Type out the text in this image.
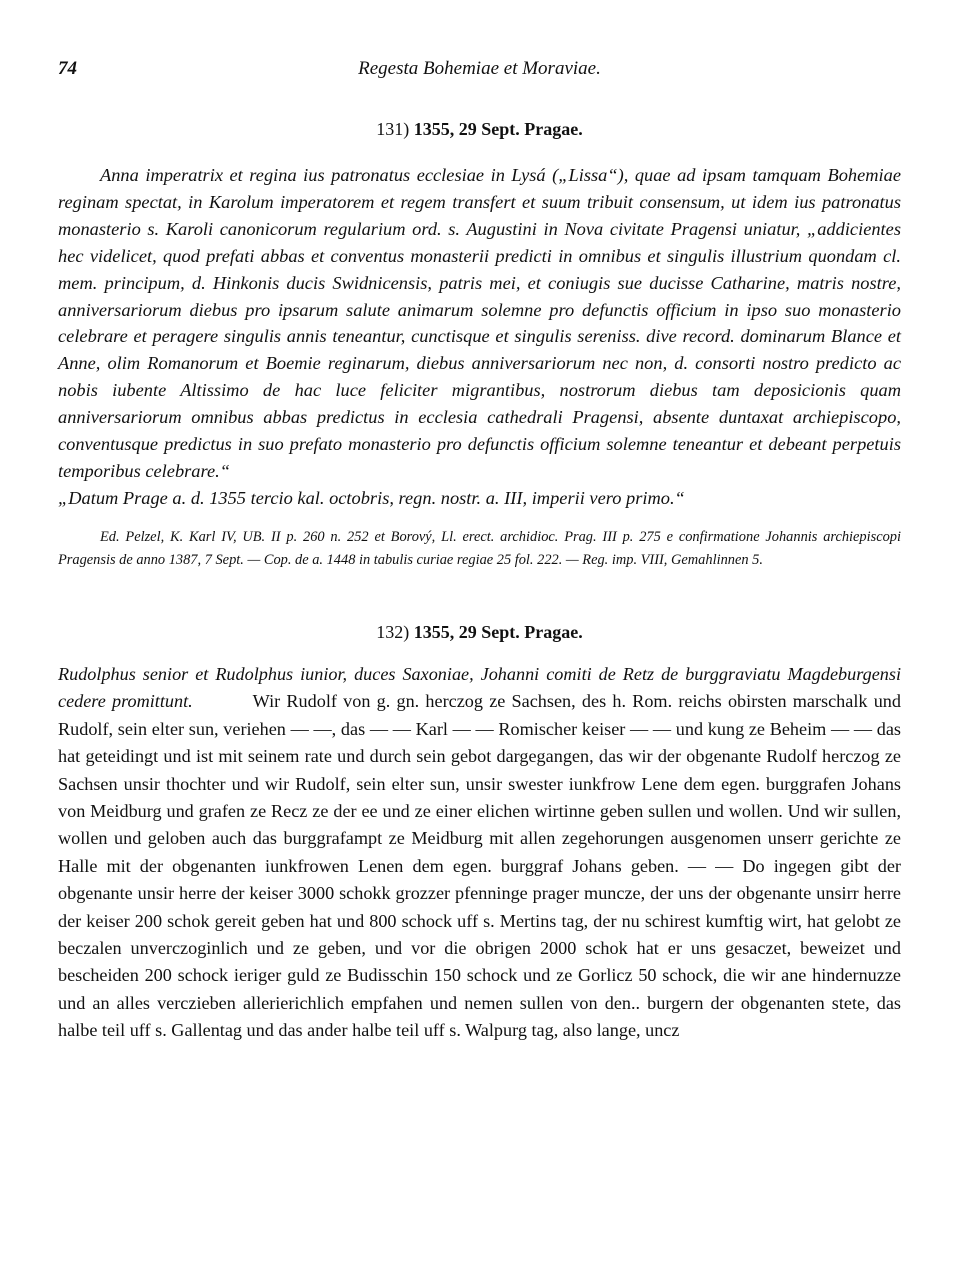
74	Regesta Bohemiae et Moraviae.
131) 1355, 29 Sept. Pragae.
Anna imperatrix et regina ius patronatus ecclesiae in Lysá („Lissa“), quae ad ipsam tamquam Bohemiae reginam spectat, in Karolum imperatorem et regem transfert et suum tribuit consensum, ut idem ius patronatus monasterio s. Karoli canonicorum regularium ord. s. Augustini in Nova civitate Pragensi uniatur, „addicientes hec videlicet, quod prefati abbas et conventus monasterii predicti in omnibus et singulis illustrium quondam cl. mem. principum, d. Hinkonis ducis Swidnicensis, patris mei, et coniugis sue ducisse Catharine, matris nostre, anniversariorum diebus pro ipsarum salute animarum solemne pro defunctis officium in ipso suo monasterio celebrare et peragere singulis annis teneantur, cunctisque et singulis sereniss. dive record. dominarum Blance et Anne, olim Romanorum et Boemie reginarum, diebus anniversariorum nec non, d. consorti nostro predicto ac nobis iubente Altissimo de hac luce feliciter migrantibus, nostrorum diebus tam deposicionis quam anniversariorum omnibus abbas predictus in ecclesia cathedrali Pragensi, absente duntaxat archiepiscopo, conventusque predictus in suo prefato monasterio pro defunctis officium solemne teneantur et debeant perpetuis temporibus celebrare.“
„Datum Prage a. d. 1355 tercio kal. octobris, regn. nostr. a. III, imperii vero primo.“
Ed. Pelzel, K. Karl IV, UB. II p. 260 n. 252 et Borový, Ll. erect. archidioc. Prag. III p. 275 e confirmatione Johannis archiepiscopi Pragensis de anno 1387, 7 Sept. — Cop. de a. 1448 in tabulis curiae regiae 25 fol. 222. — Reg. imp. VIII, Gemahlinnen 5.
132) 1355, 29 Sept. Pragae.
Rudolphus senior et Rudolphus iunior, duces Saxoniae, Johanni comiti de Retz de burggraviatu Magdeburgensi cedere promittunt.	Wir Rudolf von g. gn. herczog ze Sachsen, des h. Rom. reichs obirsten marschalk und Rudolf, sein elter sun, veriehen — —, das — — Karl — — Romischer keiser — — und kung ze Beheim — — das hat geteidingt und ist mit seinem rate und durch sein gebot dargegangen, das wir der obgenante Rudolf herczog ze Sachsen unsir thochter und wir Rudolf, sein elter sun, unsir swester iunkfrow Lene dem egen. burggrafen Johans von Meidburg und grafen ze Recz ze der ee und ze einer elichen wirtinne geben sullen und wollen. Und wir sullen, wollen und geloben auch das burggrafampt ze Meidburg mit allen zegehorungen ausgenomen unserr gerichte ze Halle mit der obgenanten iunkfrowen Lenen dem egen. burggraf Johans geben. — — Do ingegen gibt der obgenante unsir herre der keiser 3000 schokk grozzer pfenninge prager muncze, der uns der obgenante unsirr herre der keiser 200 schok gereit geben hat und 800 schock uff s. Mertins tag, der nu schirest kumftig wirt, hat gelobt ze beczalen unverczoginlich und ze geben, und vor die obrigen 2000 schok hat er uns gesaczet, beweizet und bescheiden 200 schock ieriger guld ze Budisschin 150 schock und ze Gorlicz 50 schock, die wir ane hindernuzze und an alles verczieben allerierichlich empfahen und nemen sullen von den.. burgern der obgenanten stete, das halbe teil uff s. Gallentag und das ander halbe teil uff s. Walpurg tag, also lange, uncz
